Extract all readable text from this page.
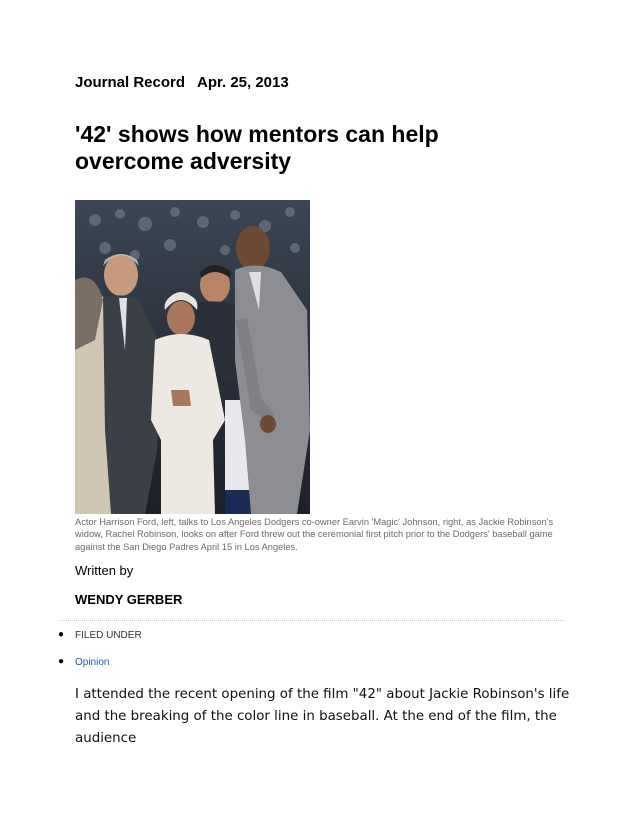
Journal Record Apr. 25, 2013
'42' shows how mentors can help overcome adversity
Actor Harrison Ford, left, talks to Los Angeles Dodgers co-owner Earvin 'Magic' Johnson, right, as Jackie Robinson's widow, Rachel Robinson, looks on after Ford threw out the ceremonial first pitch prior to the Dodgers' baseball game against the San Diego Padres April 15 in Los Angeles.
Written by
WENDY GERBER
● FILED UNDER
● Opinion

I attended the recent opening of the film "42" about Jackie Robinson's life and the breaking of the color line in baseball. At the end of the film, the audience
